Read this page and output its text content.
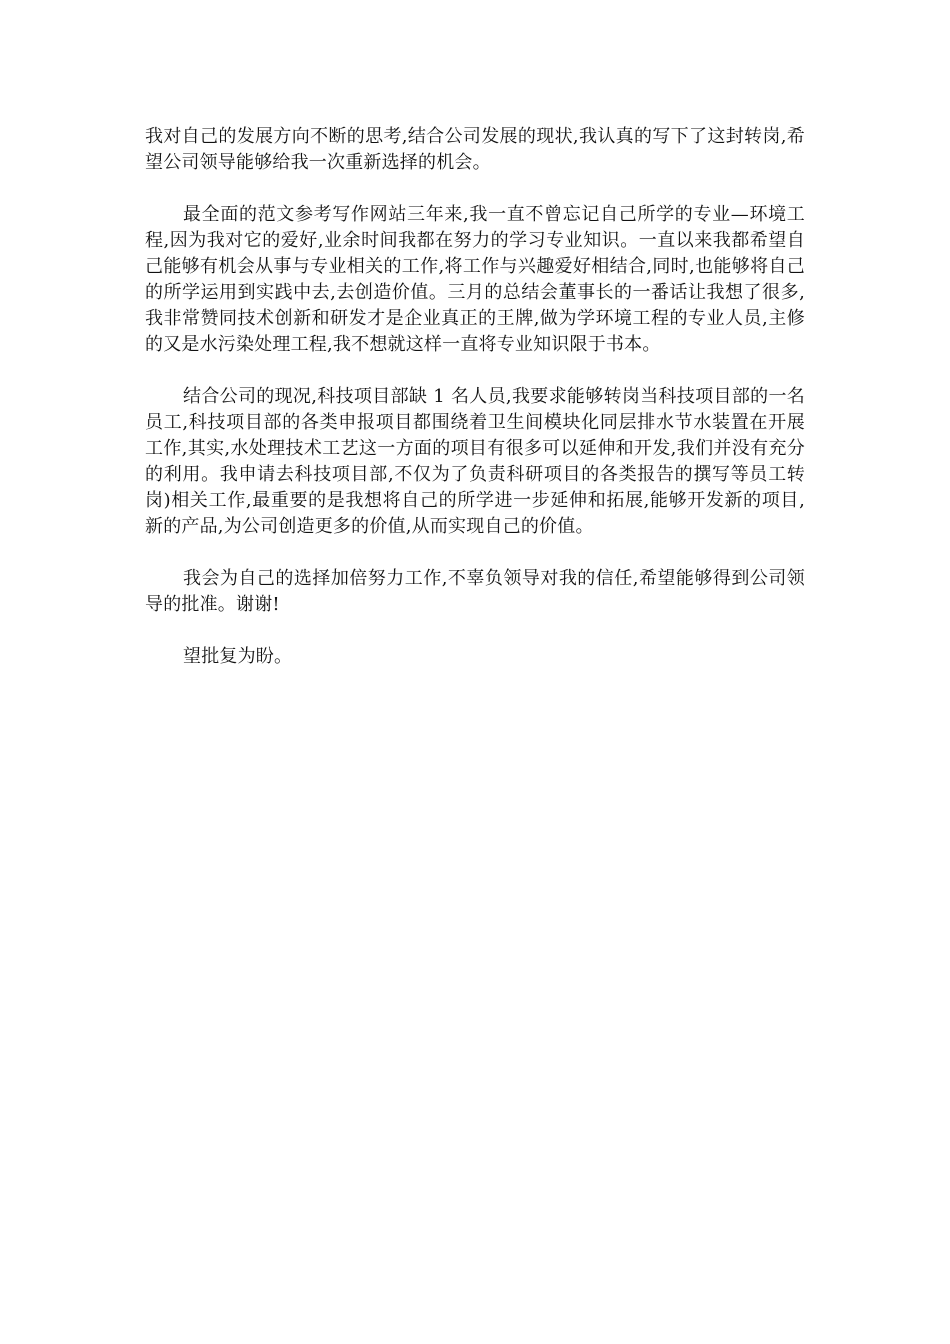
我对自己的发展方向不断的思考,结合公司发展的现状,我认真的写下了这封转岗,希望公司领导能够给我一次重新选择的机会。

最全面的范文参考写作网站三年来,我一直不曾忘记自己所学的专业—环境工程,因为我对它的爱好,业余时间我都在努力的学习专业知识。一直以来我都希望自己能够有机会从事与专业相关的工作,将工作与兴趣爱好相结合,同时,也能够将自己的所学运用到实践中去,去创造价值。三月的总结会董事长的一番话让我想了很多,我非常赞同技术创新和研发才是企业真正的王牌,做为学环境工程的专业人员,主修的又是水污染处理工程,我不想就这样一直将专业知识限于书本。

结合公司的现况,科技项目部缺 1 名人员,我要求能够转岗当科技项目部的一名员工,科技项目部的各类申报项目都围绕着卫生间模块化同层排水节水装置在开展工作,其实,水处理技术工艺这一方面的项目有很多可以延伸和开发,我们并没有充分的利用。我申请去科技项目部,不仅为了负责科研项目的各类报告的撰写等员工转岗)相关工作,最重要的是我想将自己的所学进一步延伸和拓展,能够开发新的项目,新的产品,为公司创造更多的价值,从而实现自己的价值。

我会为自己的选择加倍努力工作,不辜负领导对我的信任,希望能够得到公司领导的批准。谢谢!

望批复为盼。
